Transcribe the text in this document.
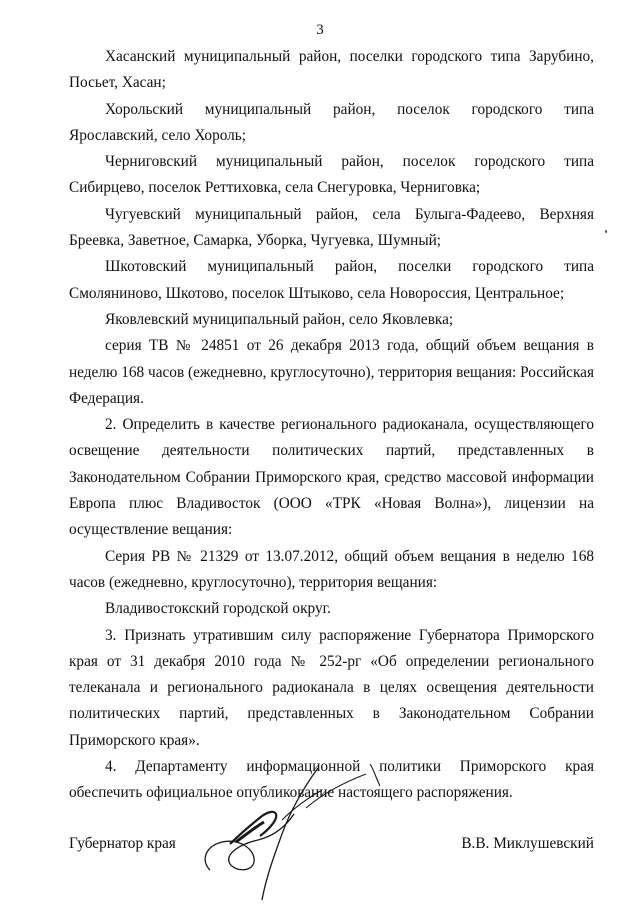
3

Хасанский муниципальный район, поселки городского типа Зарубино, Посьет, Хасан;

Хорольский муниципальный район, поселок городского типа Ярославский, село Хороль;

Черниговский муниципальный район, поселок городского типа Сибирцево, поселок Реттиховка, села Снегуровка, Черниговка;

Чугуевский муниципальный район, села Булыга-Фадеево, Верхняя Бреевка, Заветное, Самарка, Уборка, Чугуевка, Шумный;

Шкотовский муниципальный район, поселки городского типа Смоляниново, Шкотово, поселок Штыково, села Новороссия, Центральное;

Яковлевский муниципальный район, село Яковлевка;

серия ТВ № 24851 от 26 декабря 2013 года, общий объем вещания в неделю 168 часов (ежедневно, круглосуточно), территория вещания: Российская Федерация.

2. Определить в качестве регионального радиоканала, осуществляющего освещение деятельности политических партий, представленных в Законодательном Собрании Приморского края, средство массовой информации Европа плюс Владивосток (ООО «ТРК «Новая Волна»), лицензии на осуществление вещания:

Серия РВ № 21329 от 13.07.2012, общий объем вещания в неделю 168 часов (ежедневно, круглосуточно), территория вещания:

Владивостокский городской округ.

3. Признать утратившим силу распоряжение Губернатора Приморского края от 31 декабря 2010 года № 252-рг «Об определении регионального телеканала и регионального радиоканала в целях освещения деятельности политических партий, представленных в Законодательном Собрании Приморского края».

4. Департаменту информационной политики Приморского края обеспечить официальное опубликование настоящего распоряжения.

Губернатор края	В.В. Миклушевский
